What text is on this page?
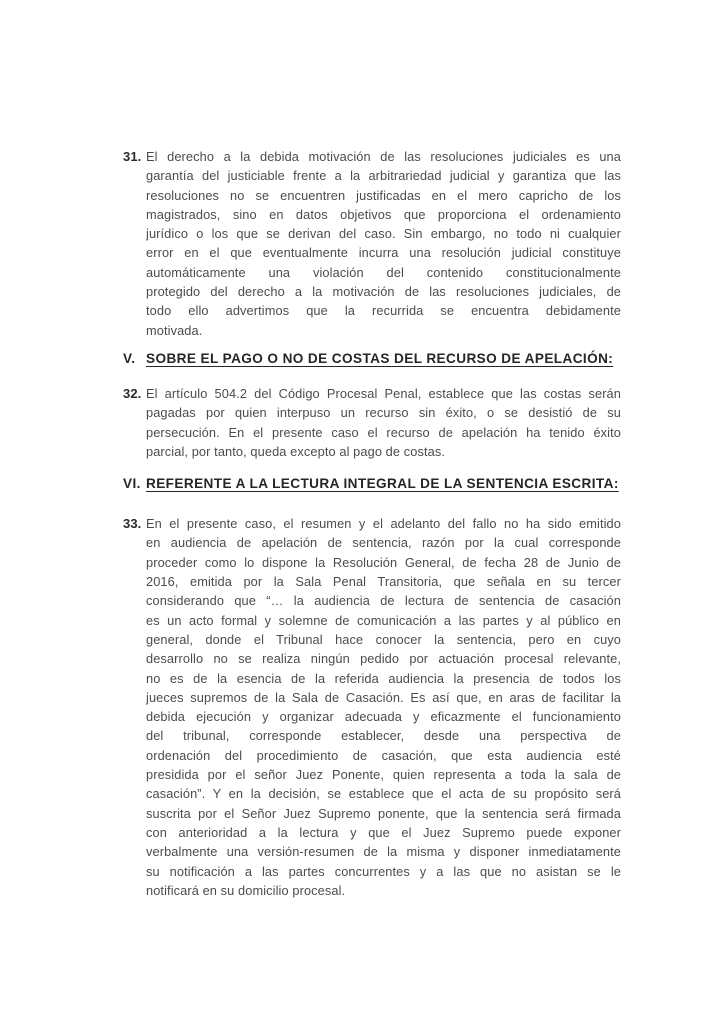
31. El derecho a la debida motivación de las resoluciones judiciales es una
garantía del justiciable frente a la arbitrariedad judicial y garantiza que las
resoluciones no se encuentren justificadas en el mero capricho de los
magistrados, sino en datos objetivos que proporciona el ordenamiento
jurídico o los que se derivan del caso. Sin embargo, no todo ni cualquier
error en el que eventualmente incurra una resolución judicial constituye
automáticamente una violación del contenido constitucionalmente
protegido del derecho a la motivación de las resoluciones judiciales, de
todo ello advertimos que la recurrida se encuentra debidamente
motivada.
V. SOBRE EL PAGO O NO DE COSTAS DEL RECURSO DE APELACIÓN:
32. El artículo 504.2 del Código Procesal Penal, establece que las costas serán
pagadas por quien interpuso un recurso sin éxito, o se desistió de su
persecución. En el presente caso el recurso de apelación ha tenido éxito
parcial, por tanto, queda excepto al pago de costas.
VI. REFERENTE A LA LECTURA INTEGRAL DE LA SENTENCIA ESCRITA:
33. En el presente caso, el resumen y el adelanto del fallo no ha sido emitido
en audiencia de apelación de sentencia, razón por la cual corresponde
proceder como lo dispone la Resolución General, de fecha 28 de Junio de
2016, emitida por la Sala Penal Transitoria, que señala en su tercer
considerando que “… la audiencia de lectura de sentencia de casación
es un acto formal y solemne de comunicación a las partes y al público en
general, donde el Tribunal hace conocer la sentencia, pero en cuyo
desarrollo no se realiza ningún pedido por actuación procesal relevante,
no es de la esencia de la referida audiencia la presencia de todos los
jueces supremos de la Sala de Casación. Es así que, en aras de facilitar la
debida ejecución y organizar adecuada y eficazmente el funcionamiento
del tribunal, corresponde establecer, desde una perspectiva de
ordenación del procedimiento de casación, que esta audiencia esté
presidida por el señor Juez Ponente, quien representa a toda la sala de
casación”. Y en la decisión, se establece que el acta de su propósito será
suscrita por el Señor Juez Supremo ponente, que la sentencia será firmada
con anterioridad a la lectura y que el Juez Supremo puede exponer
verbalmente una versión-resumen de la misma y disponer inmediatamente
su notificación a las partes concurrentes y a las que no asistan se le
notificará en su domicilio procesal.
